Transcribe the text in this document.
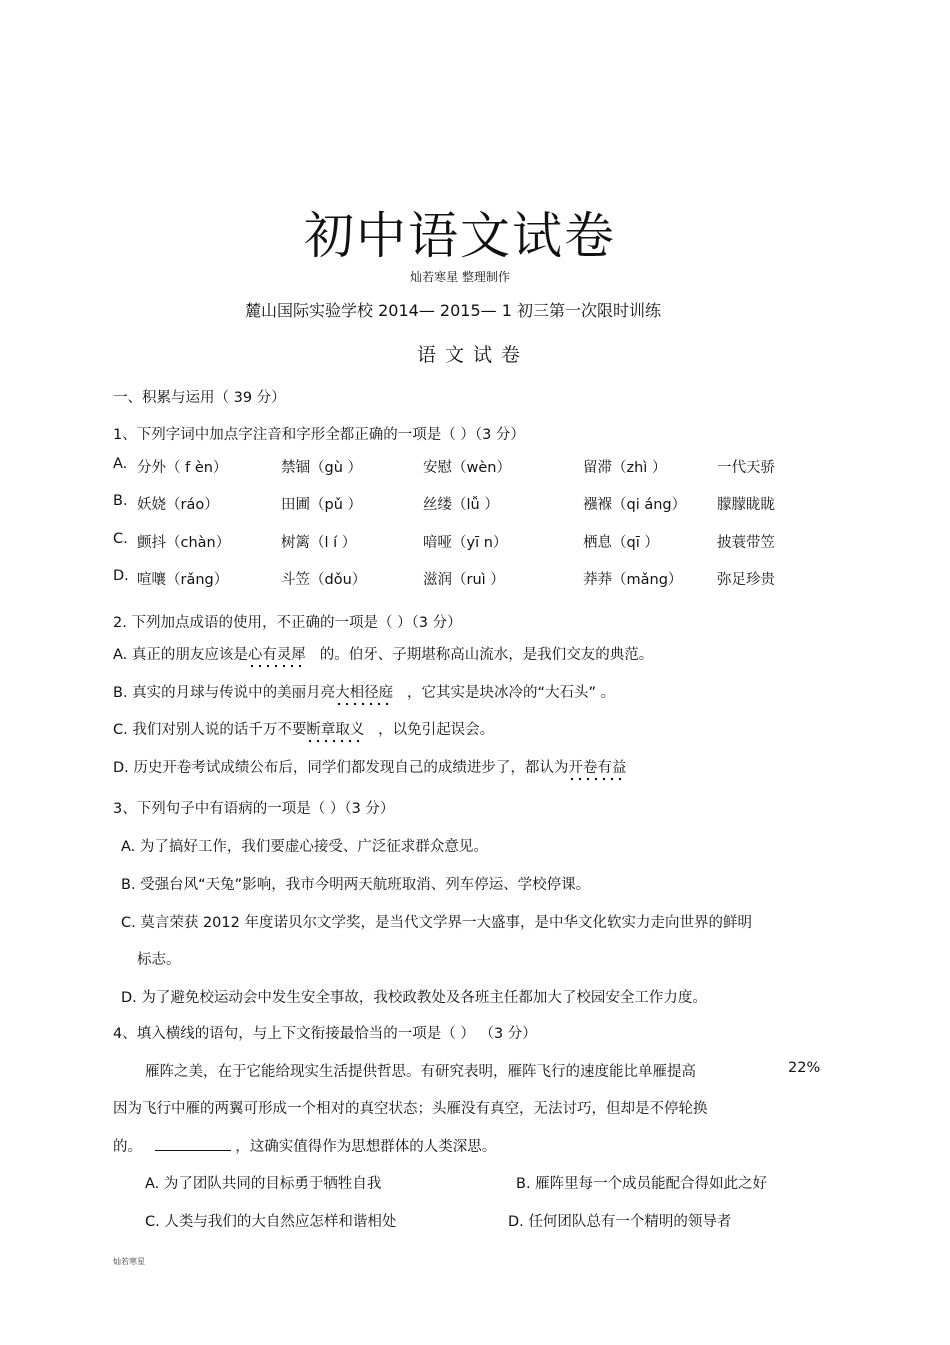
初中语文试卷
灿若寒星 整理制作
麓山国际实验学校 2014— 2015— 1 初三第一次限时训练
语文试卷
一、积累与运用（ 39 分）
1、下列字词中加点字注音和字形全都正确的一项是（ ）（3 分）
A. 分外（ f èn）	禁锢（gù ）	安慰（wèn）	留滞（zhì ）	一代天骄
B. 妖娆（ráo）	田圃（pǔ ）	丝缕（lǚ ）	襁褓（qi áng） 朦朦眬眬
C. 颤抖（chàn）	树篱（l í ）	喑哑（yī n）	栖息（qī ）	披蓑带笠
D. 喧嚷（rǎng）	斗笠（dǒu）	滋润（ruì ）	莽莽（mǎng） 弥足珍贵
2. 下列加点成语的使用，不正确的一项是（ ）（3 分）
A. 真正的朋友应该是心有灵犀 的。伯牙、子期堪称高山流水，是我们交友的典范。
B. 真实的月球与传说中的美丽月亮大相径庭 ，它其实是块冰冷的“大石头” 。
C. 我们对别人说的话千万不要断章取义 ，以免引起误会。
D. 历史开卷考试成绩公布后，同学们都发现自己的成绩进步了，都认为开卷有益
3、下列句子中有语病的一项是（ ）（3 分）
A. 为了搞好工作，我们要虚心接受、广泛征求群众意见。
B. 受强台风“天兔”影响，我市今明两天航班取消、列车停运、学校停课。
C. 莫言荣获 2012 年度诺贝尔文学奖，是当代文学界一大盛事，是中华文化软实力走向世界的鲜明
标志。
D. 为了避免校运动会中发生安全事故，我校政教处及各班主任都加大了校园安全工作力度。
4、填入横线的语句，与上下文衔接最恰当的一项是（ ） （3 分）
雁阵之美，在于它能给现实生活提供哲思。有研究表明，雁阵飞行的速度能比单雁提高	22%
因为飞行中雁的两翼可形成一个相对的真空状态；头雁没有真空，无法讨巧，但却是不停轮换
的。	，这确实值得作为思想群体的人类深思。
A. 为了团队共同的目标勇于牺牲自我	B. 雁阵里每一个成员能配合得如此之好
C. 人类与我们的大自然应怎样和谐相处	D. 任何团队总有一个精明的领导者
灿若寒星
